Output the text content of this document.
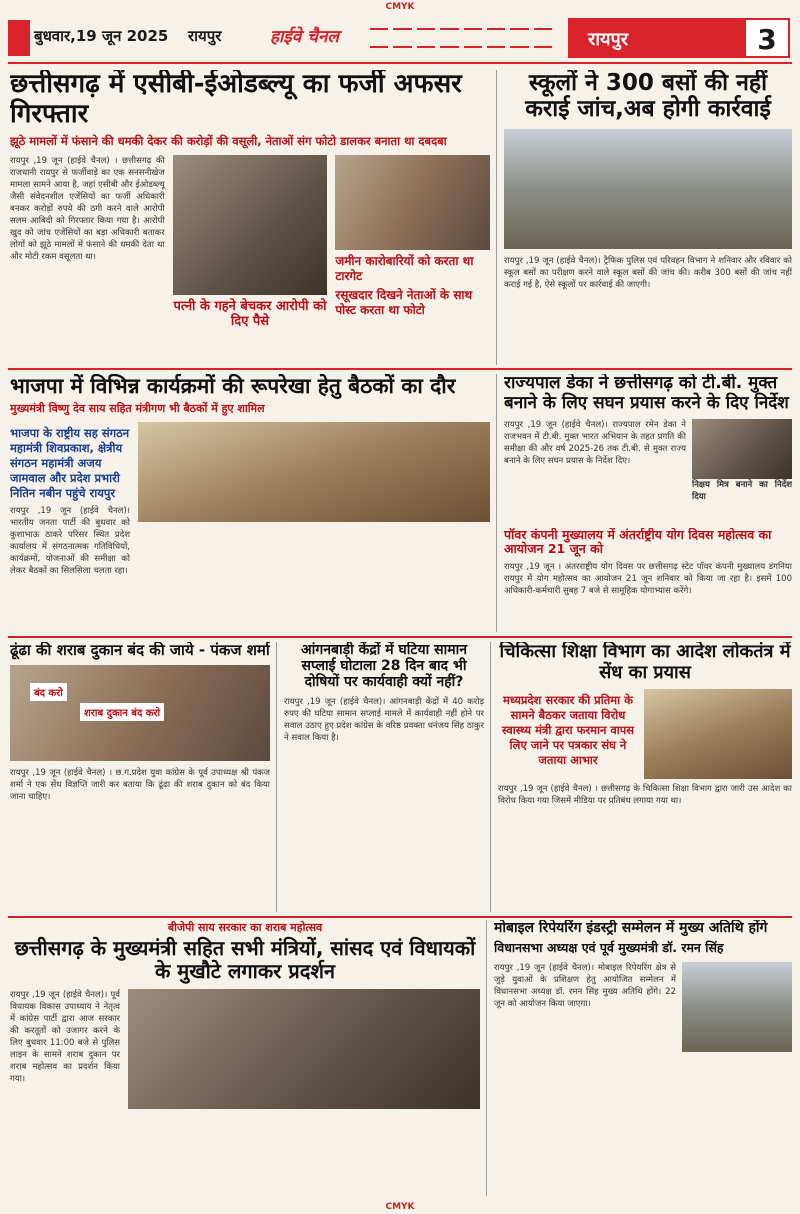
CMYK
बुधवार,19 जून 2025 रायपुर	हाईवे चैनल	रायपुर	3
छत्तीसगढ़ में एसीबी-ईओडब्ल्यू का फर्जी अफसर गिरफ्तार
झूठे मामलों में फंसाने की धमकी देकर की करोड़ों की वसूली, नेताओं संग फोटो डालकर बनाता था दबदबा
रायपुर ,19 जून (हाईवे चैनल) । छत्तीसगढ़ की राजधानी रायपुर से फर्जीवाड़े का एक सनसनीखेज मामला सामने आया है, जहां एसीबी और ईओडब्ल्यू जैसी संवेदनशील एजेंसियों का फर्जी अधिकारी बनकर करोड़ों रुपये की ठगी करने वाले आरोपी सलम आबिदी को गिरफ्तार किया गया है। आरोपी खुद को जांच एजेंसियों का बड़ा अधिकारी बताकर लोगों को झूठे मामलों में फंसाने की धमकी देता था और मोटी रकम वसूलता था।
पत्नी के गहने बेचकर आरोपी को दिए पैसे
जमीन कारोबारियों को करता था टारगेट
रसूखदार दिखने नेताओं के साथ पोस्ट करता था फोटो
स्कूलों ने 300 बसों की नहीं कराई जांच,अब होगी कार्रवाई
रायपुर ,19 जून (हाईवे चैनल)। ट्रैफिक पुलिस एवं परिवहन विभाग ने शनिवार और रविवार को स्कूल बसों का परीक्षण करने वाले स्कूल बसों की जांच की। करीब 300 बसों की जांच नहीं कराई गई है, ऐसे स्कूलों पर कार्रवाई की जाएगी।
भाजपा में विभिन्न कार्यक्रमों की रूपरेखा हेतु बैठकों का दौर
मुख्यमंत्री विष्णु देव साय सहित मंत्रीगण भी बैठकों में हुए शामिल
भाजपा के राष्ट्रीय सह संगठन महामंत्री शिवप्रकाश, क्षेत्रीय संगठन महामंत्री अजय जामवाल और प्रदेश प्रभारी नितिन नबीन पहुंचे रायपुर
रायपुर ,19 जून (हाईवे चैनल)। भारतीय जनता पार्टी की बुधवार को कुशाभाऊ ठाकरे परिसर स्थित प्रदेश कार्यालय में संगठनात्मक गतिविधियों, कार्यक्रमों, योजनाओं की समीक्षा को लेकर बैठकों का सिलसिला चलता रहा।
राज्यपाल डेका ने छत्तीसगढ़ को टी.बी. मुक्त बनाने के लिए सघन प्रयास करने के दिए निर्देश
रायपुर ,19 जून (हाईवे चैनल)। राज्यपाल रमेन डेका ने राजभवन में टी.बी. मुक्त भारत अभियान के तहत प्रगति की समीक्षा की और वर्ष 2025-26 तक टी.बी. से मुक्त राज्य बनाने के लिए सघन प्रयास के निर्देश दिए।
निक्षय मित्र बनाने का निर्देश दिया
पॉवर कंपनी मुख्यालय में अंतर्राष्ट्रीय योग दिवस महोत्सव का आयोजन 21 जून को
रायपुर ,19 जून । अंतरराष्ट्रीय योग दिवस पर छत्तीसगढ़ स्टेट पॉवर कंपनी मुख्यालय डंगनिया रायपुर में योग महोत्सव का आयोजन 21 जून शनिवार को किया जा रहा है। इसमें 100 अधिकारी-कर्मचारी सुबह 7 बजे से सामूहिक योगाभ्यास करेंगे।
ढूंढा की शराब दुकान बंद की जाये - पंकज शर्मा
बंद करो
शराब दुकान बंद करो
रायपुर ,19 जून (हाईवे चैनल) । छ.ग.प्रदेश युवा कांग्रेस के पूर्व उपाध्यक्ष श्री पंकज शर्मा ने एक सेंध विज्ञप्ति जारी कर बताया कि ढूंढा की शराब दुकान को बंद किया जाना चाहिए।
आंगनबाड़ी केंद्रों में घटिया सामान सप्लाई घोटाला 28 दिन बाद भी दोषियों पर कार्यवाही क्यों नहीं?
रायपुर ,19 जून (हाईवे चैनल)। आंगनबाड़ी केंद्रों में 40 करोड़ रुपए की घटिया सामान सप्लाई मामले में कार्यवाही नहीं होने पर सवाल उठाए हुए प्रदेश कांग्रेस के वरिष्ठ प्रवक्ता धनंजय सिंह ठाकुर ने सवाल किया है।
चिकित्सा शिक्षा विभाग का आदेश लोकतंत्र में सेंध का प्रयास
मध्यप्रदेश सरकार की प्रतिमा के सामने बैठकर जताया विरोध स्वास्थ्य मंत्री द्वारा फरमान वापस लिए जाने पर पत्रकार संघ ने जताया आभार
रायपुर ,19 जून (हाईवे चैनल) । छत्तीसगढ़ के चिकित्सा शिक्षा विभाग द्वारा जारी उस आदेश का विरोध किया गया जिसमें मीडिया पर प्रतिबंध लगाया गया था।
बीजेपी साय सरकार का शराब महोत्सव
छत्तीसगढ़ के मुख्यमंत्री सहित सभी मंत्रियों, सांसद एवं विधायकों के मुखौटे लगाकर प्रदर्शन
रायपुर ,19 जून (हाईवे चैनल)। पूर्व विधायक विकास उपाध्याय ने नेतृत्व में कांग्रेस पार्टी द्वारा आज सरकार की करतूतों को उजागर करने के लिए बुधवार 11:00 बजे से पुलिस लाइन के सामने शराब दुकान पर शराब महोत्सव का प्रदर्शन किया गया।
मोबाइल रिपेयरिंग इंडस्ट्री सम्मेलन में मुख्य अतिथि होंगे
विधानसभा अध्यक्ष एवं पूर्व मुख्यमंत्री डॉ. रमन सिंह
रायपुर ,19 जून (हाईवे चैनल)। मोबाइल रिपेयरिंग क्षेत्र से जुड़े युवाओं के प्रशिक्षण हेतु आयोजित सम्मेलन में विधानसभा अध्यक्ष डॉ. रमन सिंह मुख्य अतिथि होंगे। 22 जून को आयोजन किया जाएगा।
CMYK
